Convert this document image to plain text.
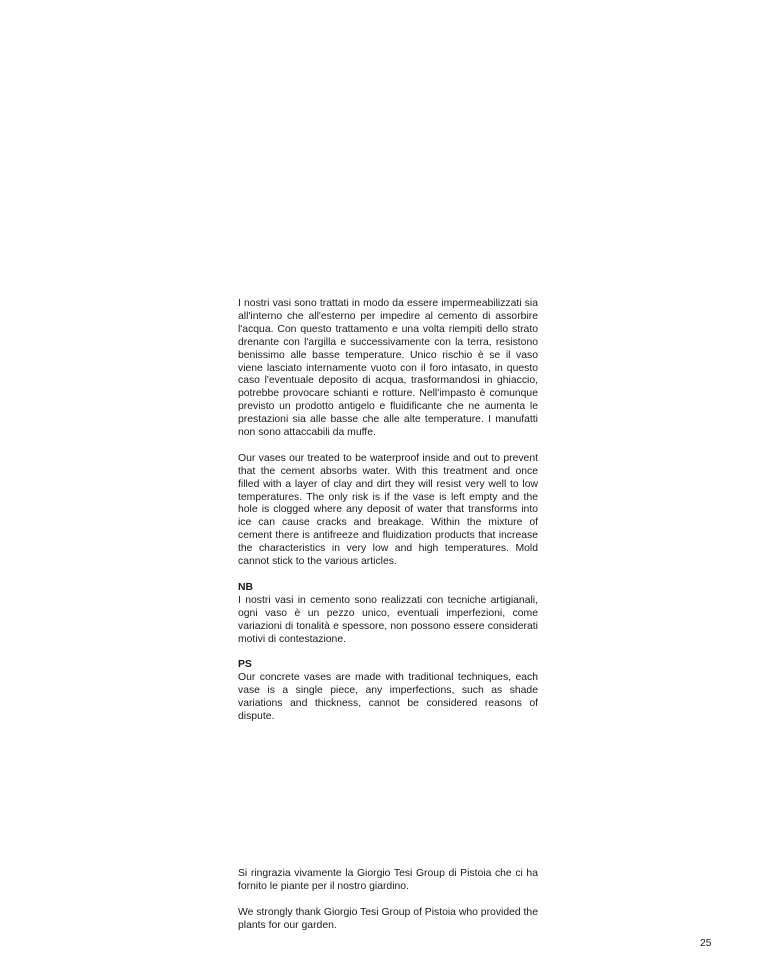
I nostri vasi sono trattati in modo da essere impermeabilizzati sia all'interno che all'esterno per impedire al cemento di assorbire l'acqua. Con questo trattamento e una volta riempiti dello strato drenante con l'argilla e successivamente con la terra, resistono benissimo alle basse temperature. Unico rischio è se il vaso viene lasciato internamente vuoto con il foro intasato, in questo caso l'eventuale deposito di acqua, trasformandosi in ghiaccio, potrebbe provocare schianti e rotture. Nell'impasto è comunque previsto un prodotto antigelo e fluidificante che ne aumenta le prestazioni sia alle basse che alle alte temperature. I manufatti non sono attaccabili da muffe.

Our vases our treated to be waterproof inside and out to prevent that the cement absorbs water. With this treatment and once filled with a layer of clay and dirt they will resist very well to low temperatures. The only risk is if the vase is left empty and the hole is clogged where any deposit of water that transforms into ice can cause cracks and breakage. Within the mixture of cement there is antifreeze and fluidization products that increase the characteristics in very low and high temperatures. Mold cannot stick to the various articles.

NB

I nostri vasi in cemento sono realizzati con tecniche artigianali, ogni vaso è un pezzo unico, eventuali imperfezioni, come variazioni di tonalità e spessore, non possono essere considerati motivi di contestazione.

PS

Our concrete vases are made with traditional techniques, each vase is a single piece, any imperfections, such as shade variations and thickness, cannot be considered reasons of dispute.

Si ringrazia vivamente la Giorgio Tesi Group di Pistoia che ci ha fornito le piante per il nostro giardino.

We strongly thank Giorgio Tesi Group of Pistoia who provided the plants for our garden.

25
